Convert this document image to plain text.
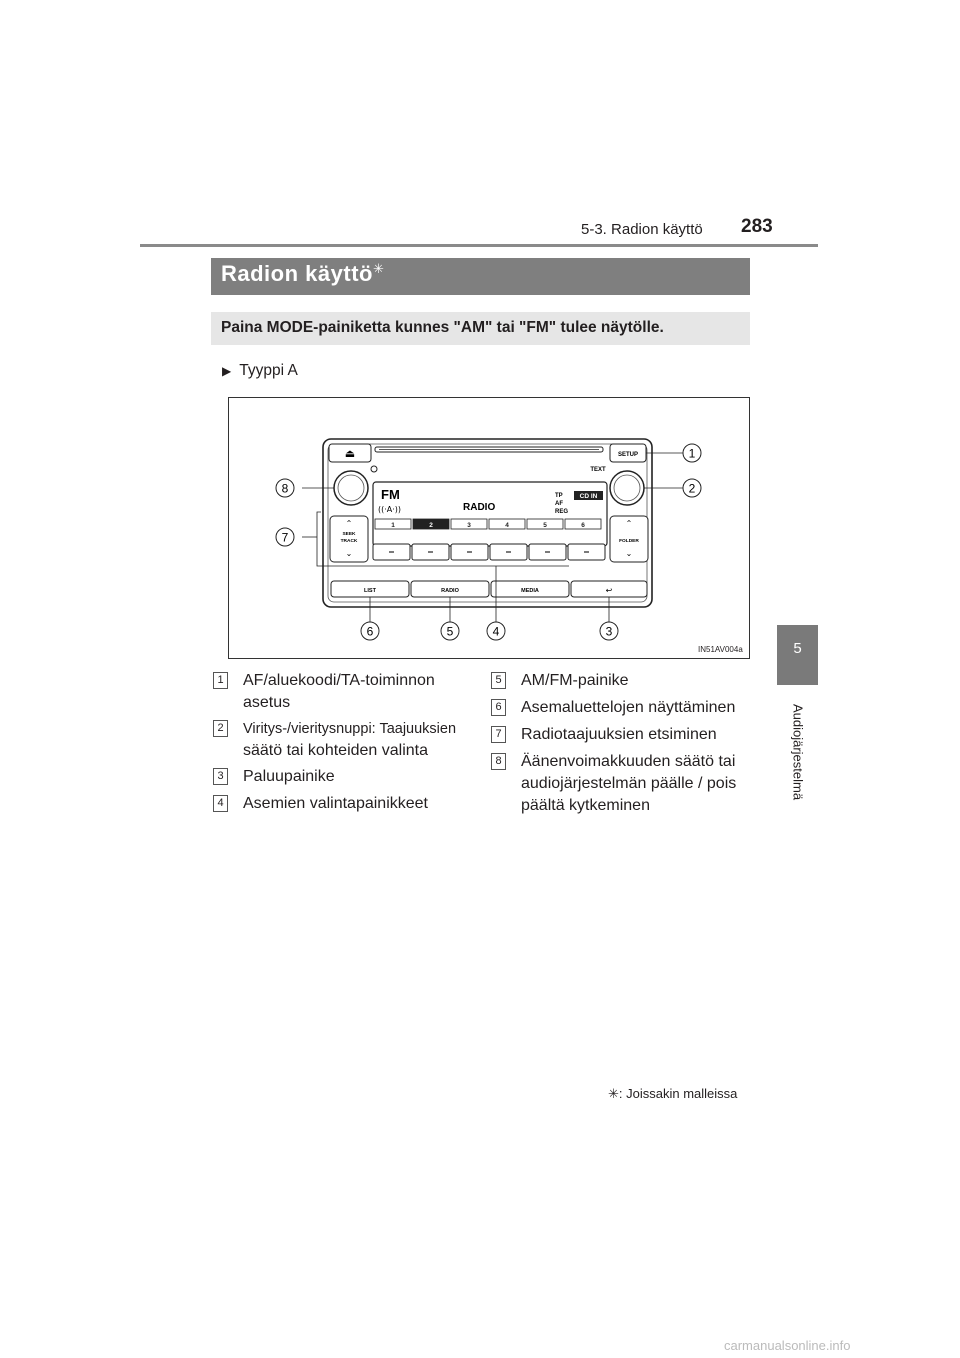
5-3. Radion käyttö 283
5
Audiojärjestelmä
Radion käyttö✳
Paina MODE-painiketta kunnes "AM" tai "FM" tulee näytölle.
▶ Tyyppi A
⏏	SETUP
TEXT
FM
((·A·))	RADIO
TP
AF
REG
CD IN
1	2	3	4	5	6
⌃
SEEK
TRACK
⌄
⌃
FOLDER
⌄
LIST	RADIO	MEDIA	↩
1
2
3
4
5
6
7
8
IN51AV004a
1 AF/aluekoodi/TA-toiminnon
asetus
2	Viritys-/vieritysnuppi: Taajuuksien
säätö tai kohteiden valinta
3 Paluupainike
4 Asemien valintapainikkeet
5 AM/FM-painike
6 Asemaluettelojen näyttäminen
7 Radiotaajuuksien etsiminen
8 Äänenvoimakkuuden säätö tai
audiojärjestelmän päälle / pois
päältä kytkeminen
✳: Joissakin malleissa
carmanualsonline.info
